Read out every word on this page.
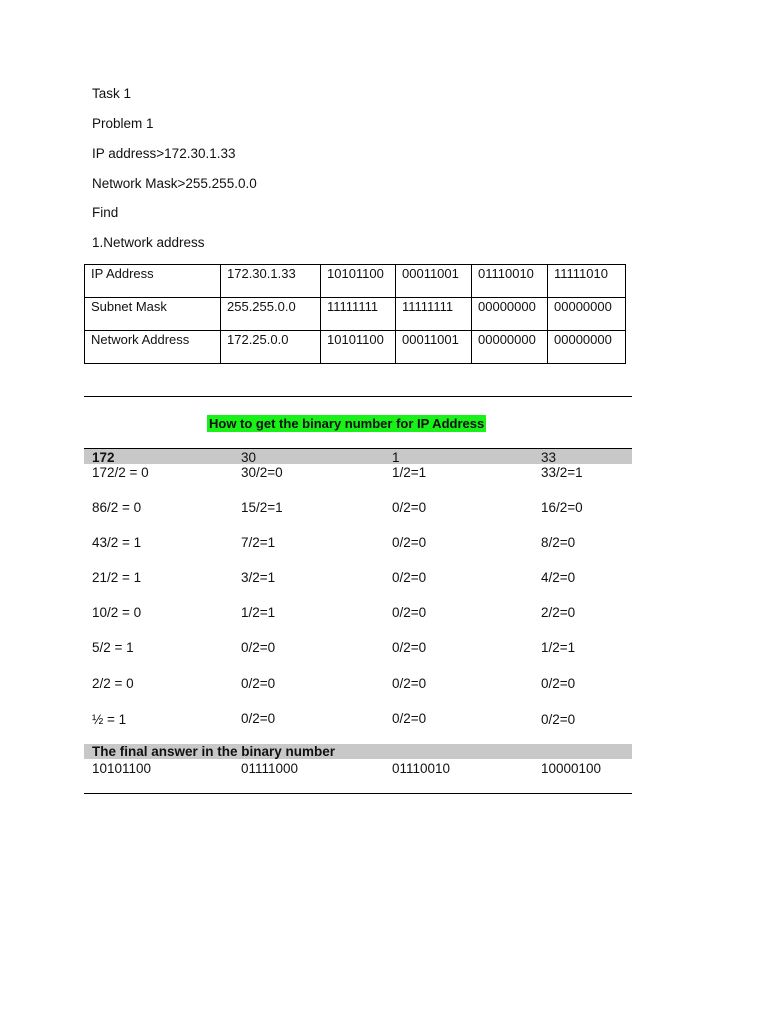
Task 1

Problem 1

IP address>172.30.1.33

Network Mask>255.255.0.0

Find

1.Network address

IP Address	172.30.1.33	10101100	00011001	01110010	11111010
Subnet Mask	255.255.0.0	11111111	11111111	00000000	00000000
Network Address	172.25.0.0	10101100	00011001	00000000	00000000
How to get the binary number for IP Address
172	30	1	33
172/2 = 0	30/2=0	1/2=1	33/2=1
86/2 = 0	15/2=1	0/2=0	16/2=0
43/2 = 1	7/2=1	0/2=0	8/2=0
21/2 = 1	3/2=1	0/2=0	4/2=0
10/2 = 0	1/2=1	0/2=0	2/2=0
5/2 = 1	0/2=0	0/2=0	1/2=1
2/2 = 0	0/2=0	0/2=0	0/2=0
½ = 1	0/2=0	0/2=0	0/2=0
The final answer in the binary number
10101100	01111000	01110010	10000100
